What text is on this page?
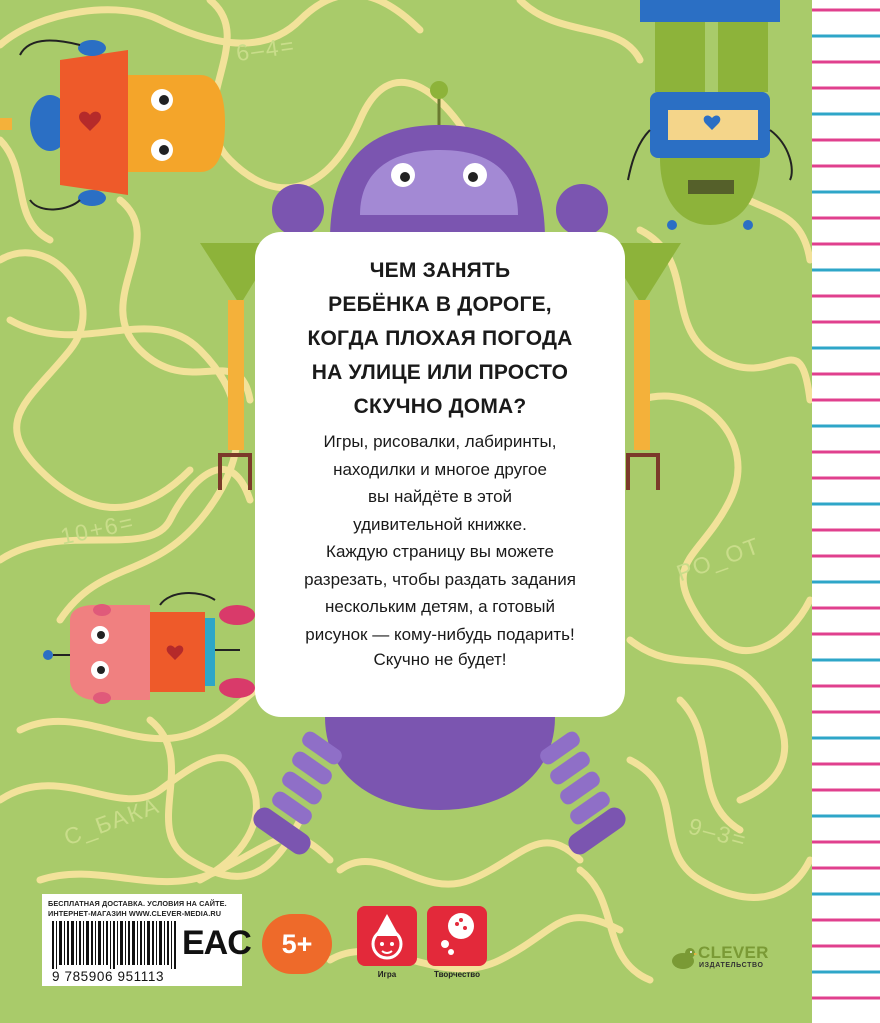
6–4=
10+6=
РО_ОТ
С_БАКА	9–3=
ЧЕМ ЗАНЯТЬ
РЕБЁНКА В ДОРОГЕ,
КОГДА ПЛОХАЯ ПОГОДА
НА УЛИЦЕ ИЛИ ПРОСТО
СКУЧНО ДОМА?
Игры, рисовалки, лабиринты,
находилки и многое другое
вы найдёте в этой
удивительной книжке.
Каждую страницу вы можете
разрезать, чтобы раздать задания
нескольким детям, а готовый
рисунок — кому-нибудь подарить!
Скучно не будет!
БЕСПЛАТНАЯ ДОСТАВКА. УСЛОВИЯ НА САЙТЕ.
ИНТЕРНЕТ-МАГАЗИН WWW.CLEVER-MEDIA.RU
9 785906 951113
EAC	5+
Игра	Творчество
CLEVER
ИЗДАТЕЛЬСТВО
